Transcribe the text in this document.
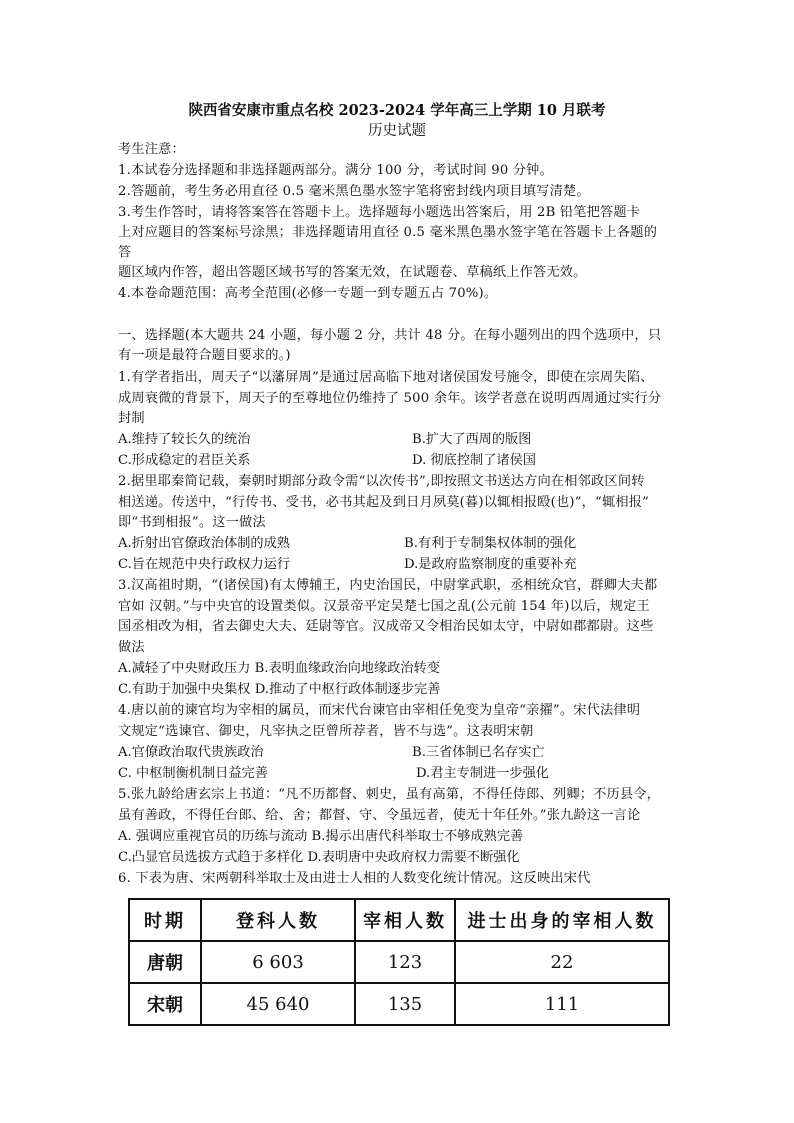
陕西省安康市重点名校 2023-2024 学年高三上学期 10 月联考
历史试题
考生注意：
1.本试卷分选择题和非选择题两部分。满分 100 分，考试时间 90 分钟。
2.答题前，考生务必用直径 0.5 毫米黑色墨水签字笔将密封线内项目填写清楚。
3.考生作答时，请将答案答在答题卡上。选择题每小题选出答案后，用 2B 铅笔把答题卡
上对应题目的答案标号涂黑；非选择题请用直径 0.5 毫米黑色墨水签字笔在答题卡上各题的
答
题区域内作答，超出答题区域书写的答案无效，在试题卷、草稿纸上作答无效。
4.本卷命题范围：高考全范围(必修一专题一到专题五占 70%)。
一、选择题(本大题共 24 小题，每小题 2 分，共计 48 分。在每小题列出的四个选项中，只
有一项是最符合题目要求的。)
1.有学者指出，周天子“以藩屏周”是通过居高临下地对诸侯国发号施令，即使在宗周失陷、
成周衰微的背景下，周天子的至尊地位仍维持了 500 余年。该学者意在说明西周通过实行分
封制
A.维持了较长久的统治	B.扩大了西周的版图
C.形成稳定的君臣关系	D. 彻底控制了诸侯国
2.据里耶秦简记载，秦朝时期部分政令需“以次传书”,即按照文书送达方向在相邻政区间转
相送递。传送中，“行传书、受书，必书其起及到日月夙莫(暮)以辄相报殹(也)”，“辄相报”
即“书到相报”。这一做法
A.折射出官僚政治体制的成熟	B.有利于专制集权体制的强化
C.旨在规范中央行政权力运行	D.是政府监察制度的重要补充
3.汉高祖时期，“(诸侯国)有太傅辅王，内史治国民，中尉掌武职，丞相统众官，群卿大夫都
官如 汉朝。”与中央官的设置类似。汉景帝平定吴楚七国之乱(公元前 154 年)以后，规定王
国丞相改为相，省去御史大夫、廷尉等官。汉成帝又令相治民如太守，中尉如郡都尉。这些
做法
A.减轻了中央财政压力 B.表明血缘政治向地缘政治转变
C.有助于加强中央集权 D.推动了中枢行政体制逐步完善
4.唐以前的谏官均为宰相的属员，而宋代台谏官由宰相任免变为皇帝“亲擢”。宋代法律明
文规定“选谏官、御史，凡宰执之臣曾所荐者，皆不与选”。这表明宋朝
A.官僚政治取代贵族政治	B.三省体制已名存实亡
C. 中枢制衡机制日益完善	D.君主专制进一步强化
5.张九龄给唐玄宗上书道：“凡不历都督、刺史，虽有高第，不得任侍郎、列卿；不历县令，
虽有善政，不得任台郎、给、舍；都督、守、令虽远者，使无十年任外。”张九龄这一言论
A. 强调应重视官员的历练与流动 B.揭示出唐代科举取士不够成熟完善
C.凸显官员选拔方式趋于多样化 D.表明唐中央政府权力需要不断强化
6. 下表为唐、宋两朝科举取士及由进士人相的人数变化统计情况。这反映出宋代
时期	登科人数	宰相人数	进士出身的宰相人数
唐朝	6 603	123	22
宋朝	45 640	135	111
